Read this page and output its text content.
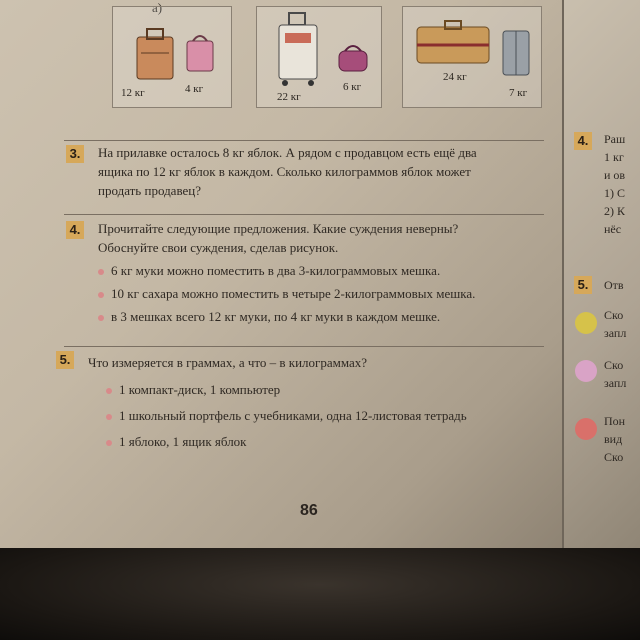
а)
12 кг	4 кг
22 кг
6 кг
24 кг
7 кг
3. На прилавке осталось 8 кг яблок. А рядом с продавцом есть ещё два
ящика по 12 кг яблок в каждом. Сколько килограммов яблок может
продать продавец?
4. Прочитайте следующие предложения. Какие суждения неверны?
Обоснуйте свои суждения, сделав рисунок.
6 кг муки можно поместить в два 3-килограммовых мешка.
10 кг сахара можно поместить в четыре 2-килограммовых мешка.
в 3 мешках всего 12 кг муки, по 4 кг муки в каждом мешке.
5. Что измеряется в граммах, а что – в килограммах?
1 компакт-диск, 1 компьютер
1 школьный портфель с учебниками, одна 12-листовая тетрадь
1 яблоко, 1 ящик яблок
86
4. Раш
1 кг
и ов
1) С
2) К
нёс
5. Отв
Ско
запл
Ско
запл
Пон
вид
Ско
